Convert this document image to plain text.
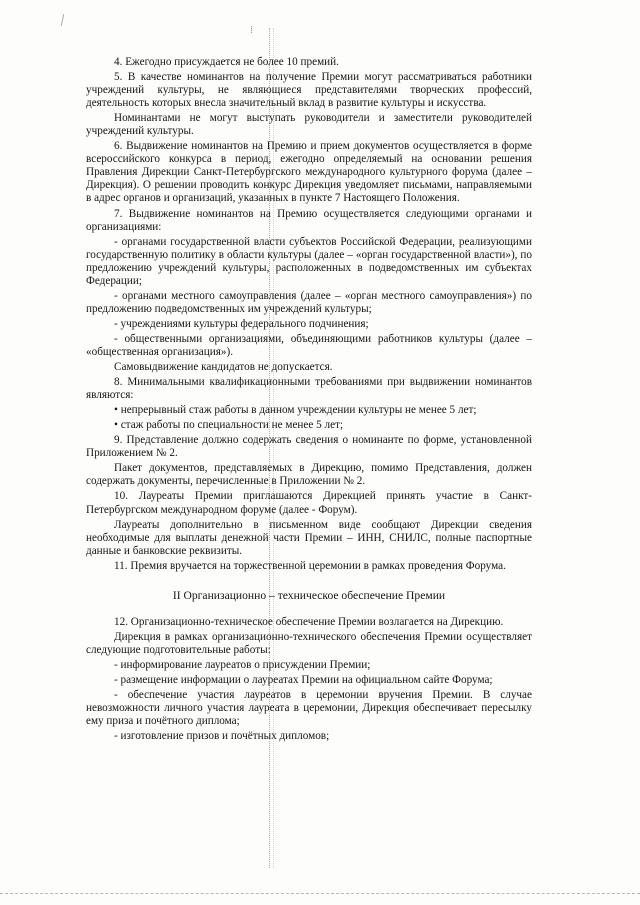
⁞

4. Ежегодно присуждается не более 10 премий.

5. В качестве номинантов на получение Премии могут рассматриваться работники учреждений культуры, не являющиеся представителями творческих профессий, деятельность которых внесла значительный вклад в развитие культуры и искусства.

Номинантами не могут выступать руководители и заместители руководителей учреждений культуры.

6. Выдвижение номинантов на Премию и прием документов осуществляется в форме всероссийского конкурса в период, ежегодно определяемый на основании решения Правления Дирекции Санкт-Петербургского международного культурного форума (далее – Дирекция). О решении проводить конкурс Дирекция уведомляет письмами, направляемыми в адрес органов и организаций, указанных в пункте 7 Настоящего Положения.

7. Выдвижение номинантов на Премию осуществляется следующими органами и организациями:

- органами государственной власти субъектов Российской Федерации, реализующими государственную политику в области культуры (далее – «орган государственной власти»), по предложению учреждений культуры, расположенных в подведомственных им субъектах Федерации;

- органами местного самоуправления (далее – «орган местного самоуправления») по предложению подведомственных им учреждений культуры;

- учреждениями культуры федерального подчинения;

- общественными организациями, объединяющими работников культуры (далее – «общественная организация»).

Самовыдвижение кандидатов не допускается.

8. Минимальными квалификационными требованиями при выдвижении номинантов являются:

• непрерывный стаж работы в данном учреждении культуры не менее 5 лет;

• стаж работы по специальности не менее 5 лет;

9. Представление должно содержать сведения о номинанте по форме, установленной Приложением № 2.

Пакет документов, представляемых в Дирекцию, помимо Представления, должен содержать документы, перечисленные в Приложении № 2.

10. Лауреаты Премии приглашаются Дирекцией принять участие в Санкт-Петербургском международном форуме (далее - Форум).

Лауреаты дополнительно в письменном виде сообщают Дирекции сведения необходимые для выплаты денежной части Премии – ИНН, СНИЛС, полные паспортные данные и банковские реквизиты.

11. Премия вручается на торжественной церемонии в рамках проведения Форума.

II Организационно – техническое обеспечение Премии

12. Организационно-техническое обеспечение Премии возлагается на Дирекцию.

Дирекция в рамках организационно-технического обеспечения Премии осуществляет следующие подготовительные работы:

- информирование лауреатов о присуждении Премии;

- размещение информации о лауреатах Премии на официальном сайте Форума;

- обеспечение участия лауреатов в церемонии вручения Премии. В случае невозможности личного участия лауреата в церемонии, Дирекция обеспечивает пересылку ему приза и почётного диплома;

- изготовление призов и почётных дипломов;
